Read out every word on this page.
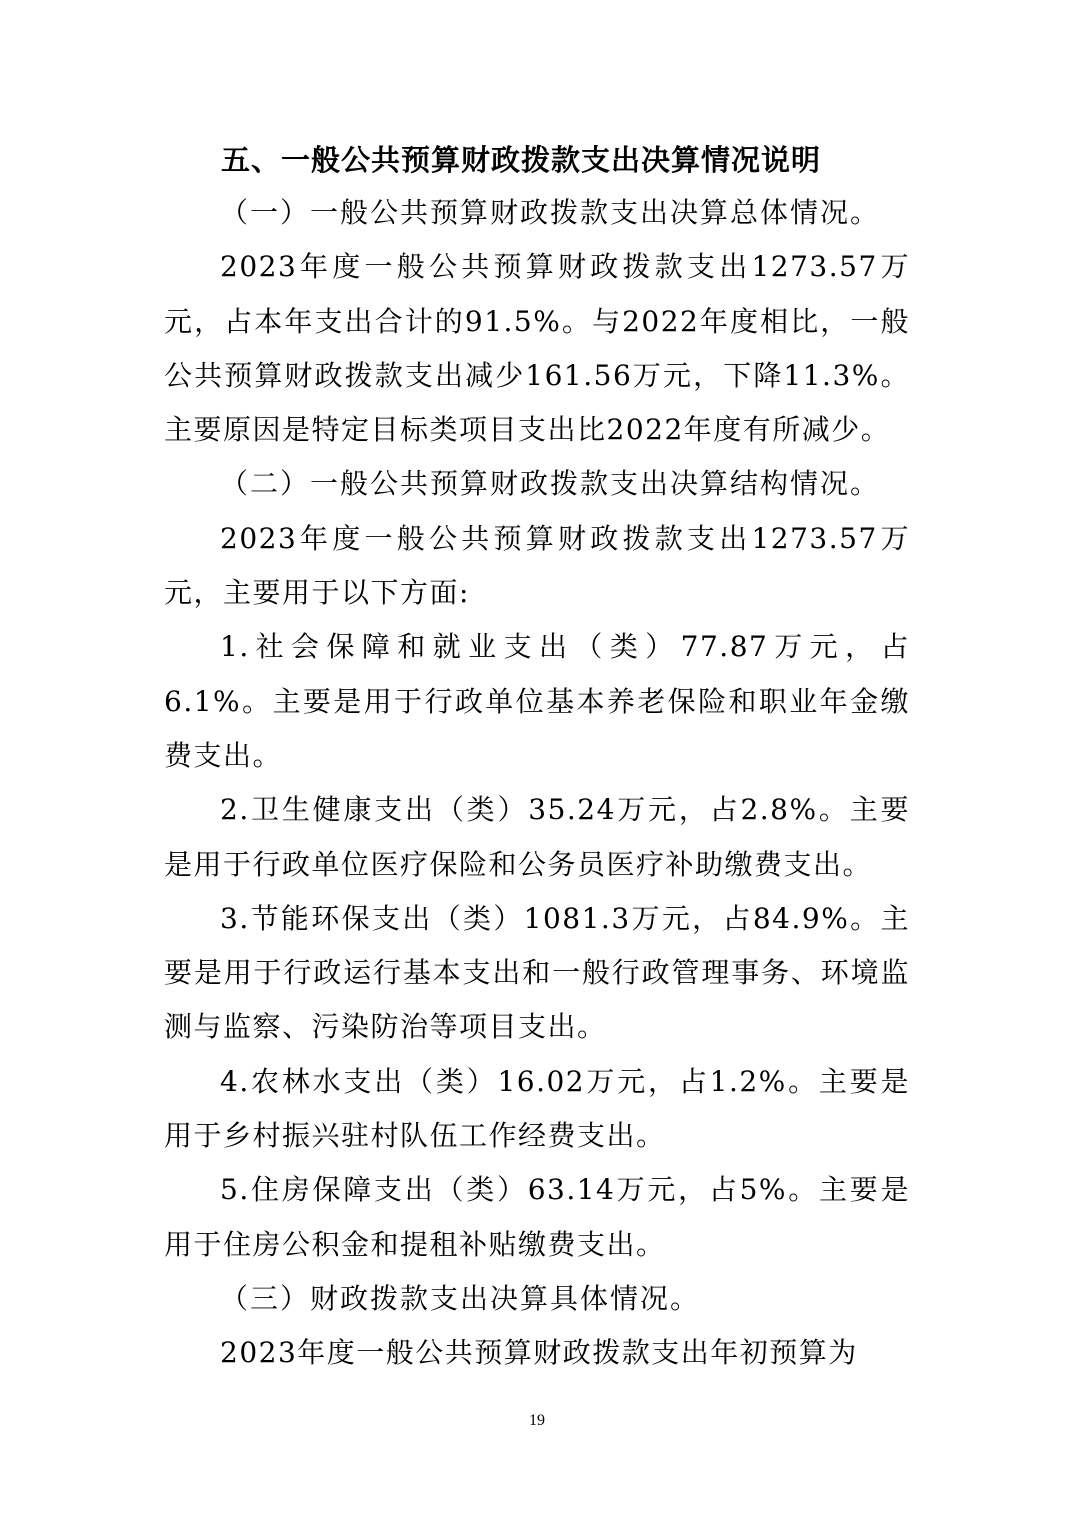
五、一般公共预算财政拨款支出决算情况说明
（一）一般公共预算财政拨款支出决算总体情况。

2023年度一般公共预算财政拨款支出1273.57万元，占本年支出合计的91.5%。与2022年度相比，一般公共预算财政拨款支出减少161.56万元，下降11.3%。主要原因是特定目标类项目支出比2022年度有所减少。

（二）一般公共预算财政拨款支出决算结构情况。

2023年度一般公共预算财政拨款支出1273.57万元，主要用于以下方面:

1.社会保障和就业支出（类）77.87万元，占6.1%。主要是用于行政单位基本养老保险和职业年金缴费支出。

2.卫生健康支出（类）35.24万元，占2.8%。主要是用于行政单位医疗保险和公务员医疗补助缴费支出。

3.节能环保支出（类）1081.3万元，占84.9%。主要是用于行政运行基本支出和一般行政管理事务、环境监测与监察、污染防治等项目支出。

4.农林水支出（类）16.02万元，占1.2%。主要是用于乡村振兴驻村队伍工作经费支出。

5.住房保障支出（类）63.14万元，占5%。主要是用于住房公积金和提租补贴缴费支出。

（三）财政拨款支出决算具体情况。

2023年度一般公共预算财政拨款支出年初预算为

19
